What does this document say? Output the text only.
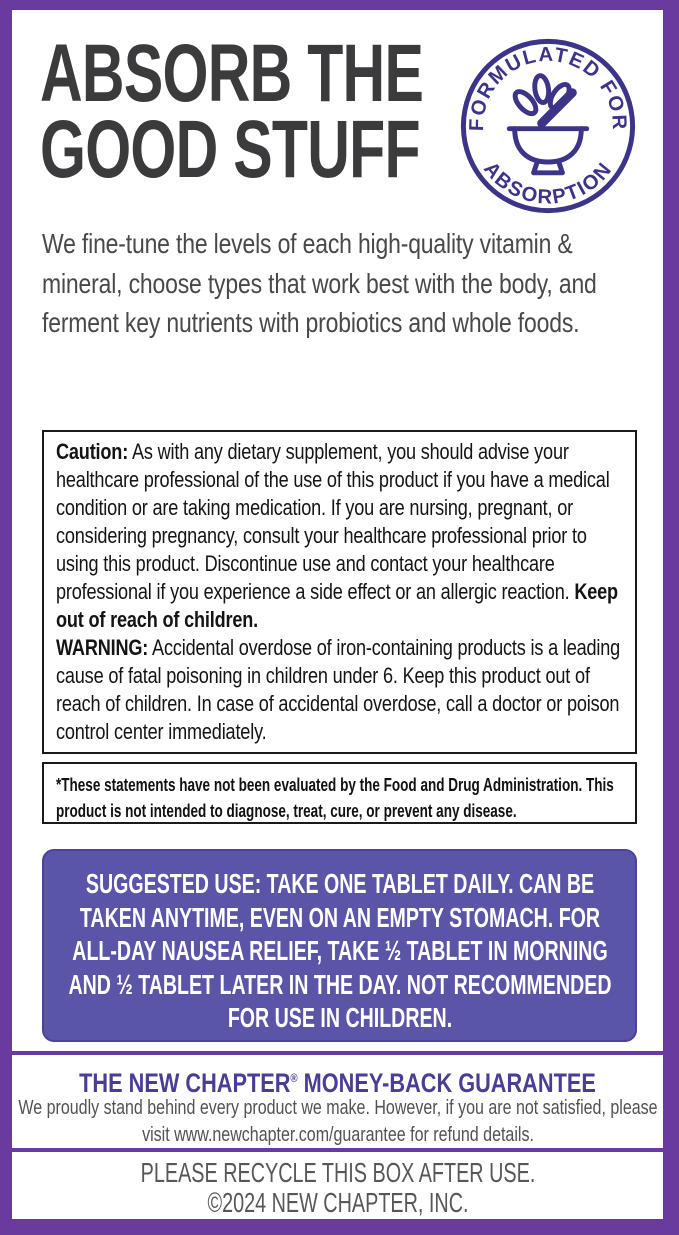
ABSORB THE
GOOD STUFF FORMULATED FOR
ABSORPTION
We fine-tune the levels of each high-quality vitamin & mineral, choose types that work best with the body, and ferment key nutrients with probiotics and whole foods.

Caution: As with any dietary supplement, you should advise your healthcare professional of the use of this product if you have a medical condition or are taking medication. If you are nursing, pregnant, or considering pregnancy, consult your healthcare professional prior to using this product. Discontinue use and contact your healthcare professional if you experience a side effect or an allergic reaction. Keep out of reach of children.

WARNING: Accidental overdose of iron-containing products is a leading cause of fatal poisoning in children under 6. Keep this product out of reach of children. In case of accidental overdose, call a doctor or poison control center immediately.

*These statements have not been evaluated by the Food and Drug Administration. This product is not intended to diagnose, treat, cure, or prevent any disease.
SUGGESTED USE: TAKE ONE TABLET DAILY. CAN BE TAKEN ANYTIME, EVEN ON AN EMPTY STOMACH. FOR ALL-DAY NAUSEA RELIEF, TAKE ½ TABLET IN MORNING AND ½ TABLET LATER IN THE DAY. NOT RECOMMENDED FOR USE IN CHILDREN.
THE NEW CHAPTER® MONEY-BACK GUARANTEE
We proudly stand behind every product we make. However, if you are not satisfied, please visit www.newchapter.com/guarantee for refund details.
PLEASE RECYCLE THIS BOX AFTER USE.
©2024 NEW CHAPTER, INC.
